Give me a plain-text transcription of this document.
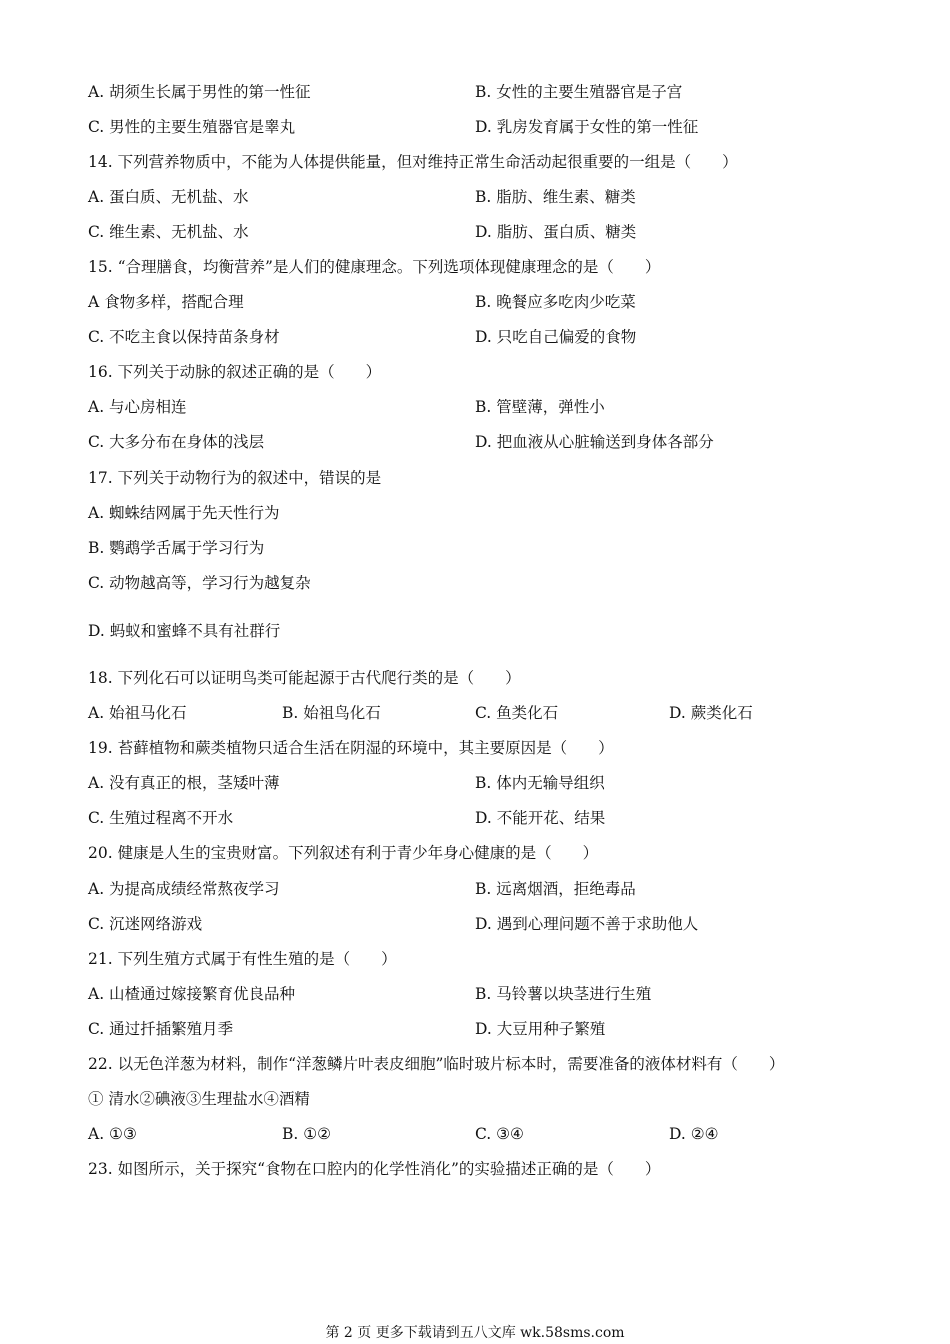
A. 胡须生长属于男性的第一性征	B. 女性的主要生殖器官是子宫
C. 男性的主要生殖器官是睾丸	D. 乳房发育属于女性的第一性征
14. 下列营养物质中，不能为人体提供能量，但对维持正常生命活动起很重要的一组是（　　）
A. 蛋白质、无机盐、水	B. 脂肪、维生素、糖类
C. 维生素、无机盐、水	D. 脂肪、蛋白质、糖类
15. “合理膳食，均衡营养”是人们的健康理念。下列选项体现健康理念的是（　　）
A 食物多样，搭配合理	B. 晚餐应多吃肉少吃菜
C. 不吃主食以保持苗条身材	D. 只吃自己偏爱的食物
16. 下列关于动脉的叙述正确的是（　　）
A. 与心房相连	B. 管壁薄，弹性小
C. 大多分布在身体的浅层	D. 把血液从心脏输送到身体各部分
17. 下列关于动物行为的叙述中，错误的是
A. 蜘蛛结网属于先天性行为
B. 鹦鹉学舌属于学习行为
C. 动物越高等，学习行为越复杂
D. 蚂蚁和蜜蜂不具有社群行
18. 下列化石可以证明鸟类可能起源于古代爬行类的是（　　）
A. 始祖马化石	B. 始祖鸟化石	C. 鱼类化石	D. 蕨类化石
19. 苔藓植物和蕨类植物只适合生活在阴湿的环境中，其主要原因是（　　）
A. 没有真正的根，茎矮叶薄	B. 体内无输导组织
C. 生殖过程离不开水	D. 不能开花、结果
20. 健康是人生的宝贵财富。下列叙述有利于青少年身心健康的是（　　）
A. 为提高成绩经常熬夜学习	B. 远离烟酒，拒绝毒品
C. 沉迷网络游戏	D. 遇到心理问题不善于求助他人
21. 下列生殖方式属于有性生殖的是（　　）
A. 山楂通过嫁接繁育优良品种	B. 马铃薯以块茎进行生殖
C. 通过扦插繁殖月季	D. 大豆用种子繁殖
22. 以无色洋葱为材料，制作“洋葱鳞片叶表皮细胞”临时玻片标本时，需要准备的液体材料有（　　）
① 清水②碘液③生理盐水④酒精
A. ①③	B. ①②	C. ③④	D. ②④
23. 如图所示，关于探究“食物在口腔内的化学性消化”的实验描述正确的是（　　）
第 2 页 更多下载请到五八文库 wk.58sms.com
